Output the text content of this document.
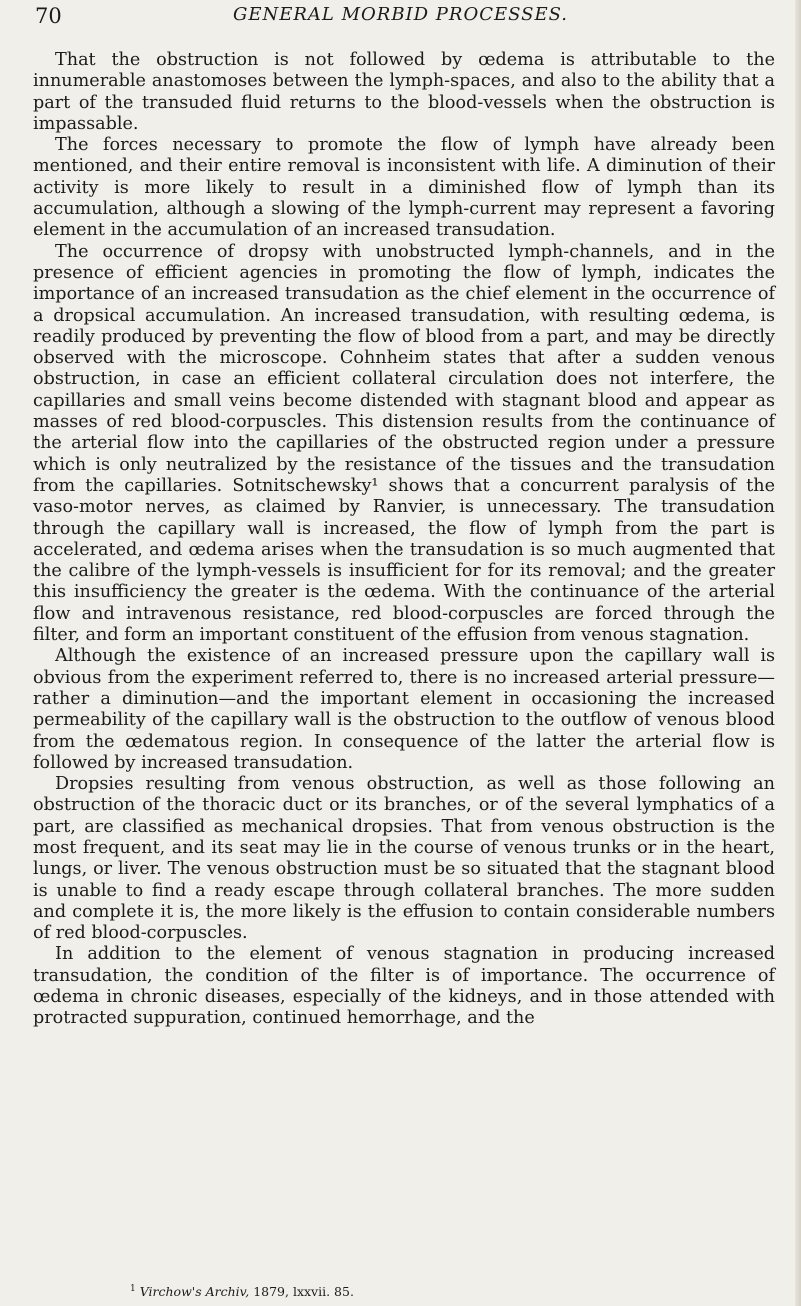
70	GENERAL MORBID PROCESSES.

That the obstruction is not followed by œdema is attributable to the innumerable anastomoses between the lymph-spaces, and also to the ability that a part of the transuded fluid returns to the blood-vessels when the obstruction is impassable.

The forces necessary to promote the flow of lymph have already been mentioned, and their entire removal is inconsistent with life. A diminution of their activity is more likely to result in a diminished flow of lymph than its accumulation, although a slowing of the lymph-current may represent a favoring element in the accumulation of an increased transudation.

The occurrence of dropsy with unobstructed lymph-channels, and in the presence of efficient agencies in promoting the flow of lymph, indicates the importance of an increased transudation as the chief element in the occurrence of a dropsical accumulation. An increased transudation, with resulting œdema, is readily produced by preventing the flow of blood from a part, and may be directly observed with the microscope. Cohnheim states that after a sudden venous obstruction, in case an efficient collateral circulation does not interfere, the capillaries and small veins become distended with stagnant blood and appear as masses of red blood-corpuscles. This distension results from the continuance of the arterial flow into the capillaries of the obstructed region under a pressure which is only neutralized by the resistance of the tissues and the transudation from the capillaries. Sotnitschewsky¹ shows that a concurrent paralysis of the vaso-motor nerves, as claimed by Ranvier, is unnecessary. The transudation through the capillary wall is increased, the flow of lymph from the part is accelerated, and œdema arises when the transudation is so much augmented that the calibre of the lymph-vessels is insufficient for for its removal; and the greater this insufficiency the greater is the œdema. With the continuance of the arterial flow and intravenous resistance, red blood-corpuscles are forced through the filter, and form an important constituent of the effusion from venous stagnation.

Although the existence of an increased pressure upon the capillary wall is obvious from the experiment referred to, there is no increased arterial pressure—rather a diminution—and the important element in occasioning the increased permeability of the capillary wall is the obstruction to the outflow of venous blood from the œdematous region. In consequence of the latter the arterial flow is followed by increased transudation.

Dropsies resulting from venous obstruction, as well as those following an obstruction of the thoracic duct or its branches, or of the several lymphatics of a part, are classified as mechanical dropsies. That from venous obstruction is the most frequent, and its seat may lie in the course of venous trunks or in the heart, lungs, or liver. The venous obstruction must be so situated that the stagnant blood is unable to find a ready escape through collateral branches. The more sudden and complete it is, the more likely is the effusion to contain considerable numbers of red blood-corpuscles.

In addition to the element of venous stagnation in producing increased transudation, the condition of the filter is of importance. The occurrence of œdema in chronic diseases, especially of the kidneys, and in those attended with protracted suppuration, continued hemorrhage, and the

$^1$ Virchow's Archiv, 1879, lxxvii. 85.
